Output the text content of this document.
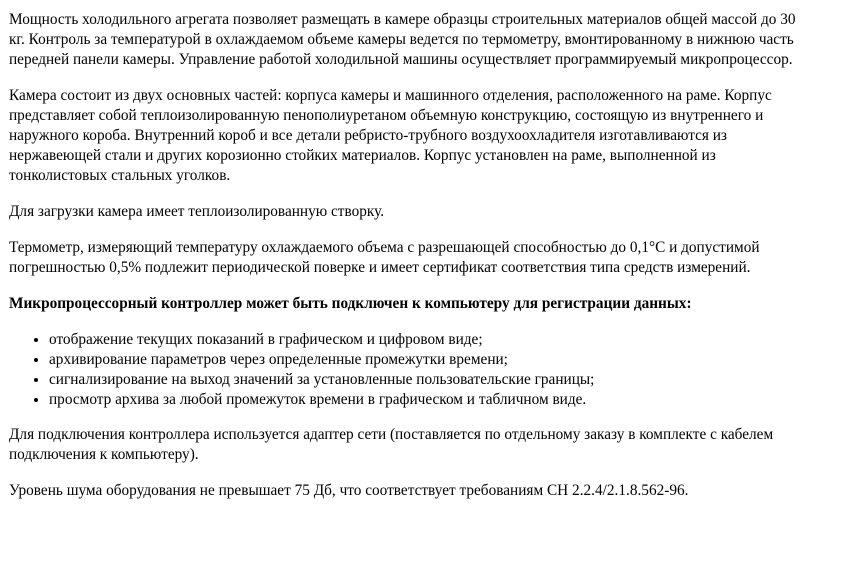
Мощность холодильного агрегата позволяет размещать в камере образцы строительных материалов общей массой до 30 кг. Контроль за температурой в охлаждаемом объеме камеры ведется по термометру, вмонтированному в нижнюю часть передней панели камеры. Управление работой холодильной машины осуществляет программируемый микропроцессор.

Камера состоит из двух основных частей: корпуса камеры и машинного отделения, расположенного на раме. Корпус представляет собой теплоизолированную пенополиуретаном объемную конструкцию, состоящую из внутреннего и наружного короба. Внутренний короб и все детали ребристо-трубного воздухоохладителя изготавливаются из нержавеющей стали и других корозионно стойких материалов. Корпус установлен на раме, выполненной из тонколистовых стальных уголков.

Для загрузки камера имеет теплоизолированную створку.

Термометр, измеряющий температуру охлаждаемого объема с разрешающей способностью до 0,1°C и допустимой погрешностью 0,5% подлежит периодической поверке и имеет сертификат соответствия типа средств измерений.

Микропроцессорный контроллер может быть подключен к компьютеру для регистрации данных:

• отображение текущих показаний в графическом и цифровом виде;
• архивирование параметров через определенные промежутки времени;
• сигнализирование на выход значений за установленные пользовательские границы;
• просмотр архива за любой промежуток времени в графическом и табличном виде.

Для подключения контроллера используется адаптер сети (поставляется по отдельному заказу в комплекте с кабелем подключения к компьютеру).

Уровень шума оборудования не превышает 75 Дб, что соответствует требованиям СН 2.2.4/2.1.8.562-96.
